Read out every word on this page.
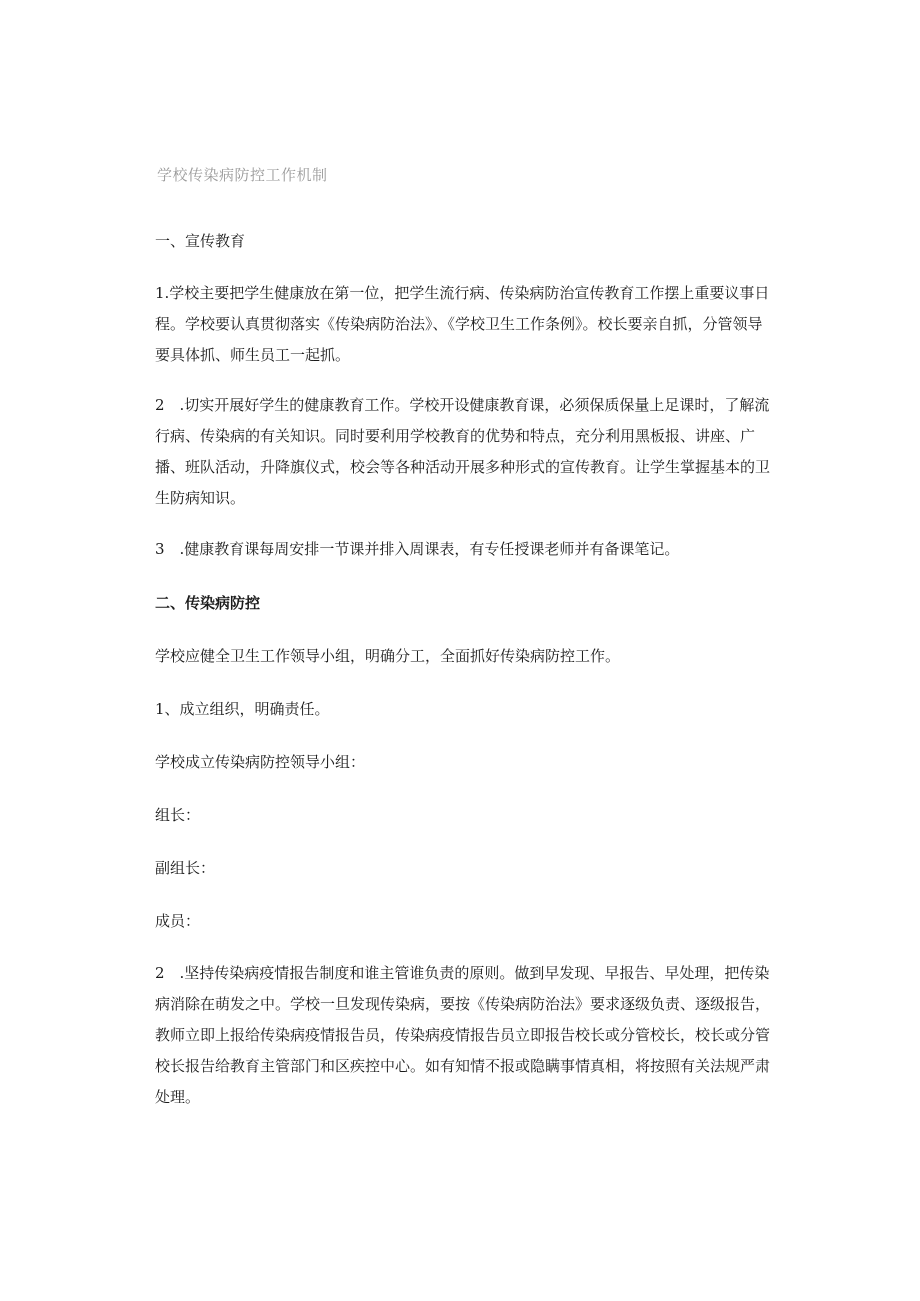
学校传染病防控工作机制

一、宣传教育

1.学校主要把学生健康放在第一位，把学生流行病、传染病防治宣传教育工作摆上重要议事日程。学校要认真贯彻落实《传染病防治法》、《学校卫生工作条例》。校长要亲自抓，分管领导要具体抓、师生员工一起抓。

2　.切实开展好学生的健康教育工作。学校开设健康教育课，必须保质保量上足课时，了解流行病、传染病的有关知识。同时要利用学校教育的优势和特点，充分利用黑板报、讲座、广播、班队活动，升降旗仪式，校会等各种活动开展多种形式的宣传教育。让学生掌握基本的卫生防病知识。

3　.健康教育课每周安排一节课并排入周课表，有专任授课老师并有备课笔记。

二、传染病防控

学校应健全卫生工作领导小组，明确分工，全面抓好传染病防控工作。

1、成立组织，明确责任。

学校成立传染病防控领导小组：

组长：

副组长：

成员：

2　.坚持传染病疫情报告制度和谁主管谁负责的原则。做到早发现、早报告、早处理，把传染病消除在萌发之中。学校一旦发现传染病，要按《传染病防治法》要求逐级负责、逐级报告，教师立即上报给传染病疫情报告员，传染病疫情报告员立即报告校长或分管校长，校长或分管校长报告给教育主管部门和区疾控中心。如有知情不报或隐瞒事情真相，将按照有关法规严肃处理。
